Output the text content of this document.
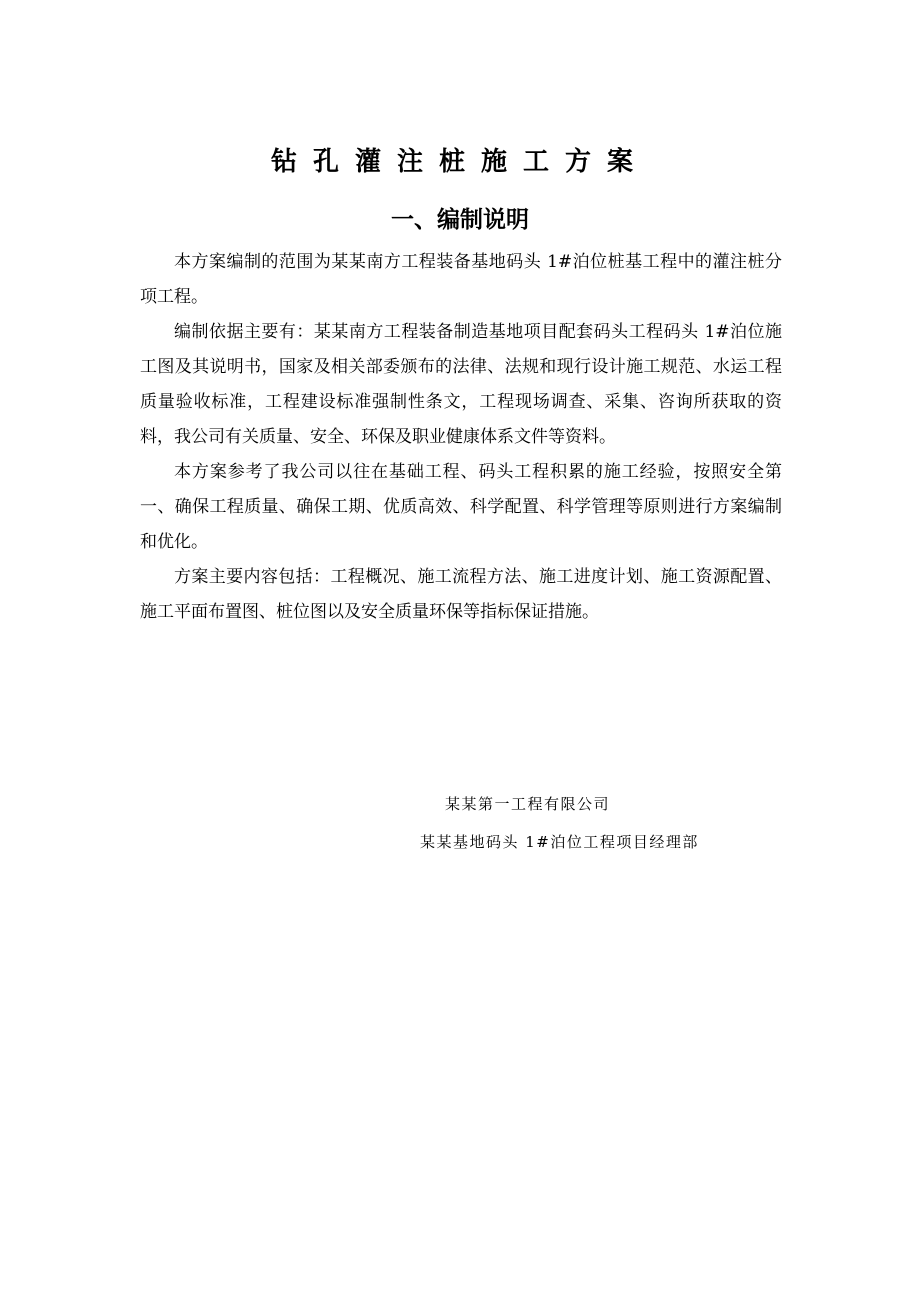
钻孔灌注桩施工方案
一、编制说明

本方案编制的范围为某某南方工程装备基地码头 1#泊位桩基工程中的灌注桩分项工程。

编制依据主要有：某某南方工程装备制造基地项目配套码头工程码头 1#泊位施工图及其说明书，国家及相关部委颁布的法律、法规和现行设计施工规范、水运工程质量验收标准，工程建设标准强制性条文，工程现场调查、采集、咨询所获取的资料，我公司有关质量、安全、环保及职业健康体系文件等资料。

本方案参考了我公司以往在基础工程、码头工程积累的施工经验，按照安全第一、确保工程质量、确保工期、优质高效、科学配置、科学管理等原则进行方案编制和优化。

方案主要内容包括：工程概况、施工流程方法、施工进度计划、施工资源配置、施工平面布置图、桩位图以及安全质量环保等指标保证措施。

某某第一工程有限公司
某某基地码头 1#泊位工程项目经理部
